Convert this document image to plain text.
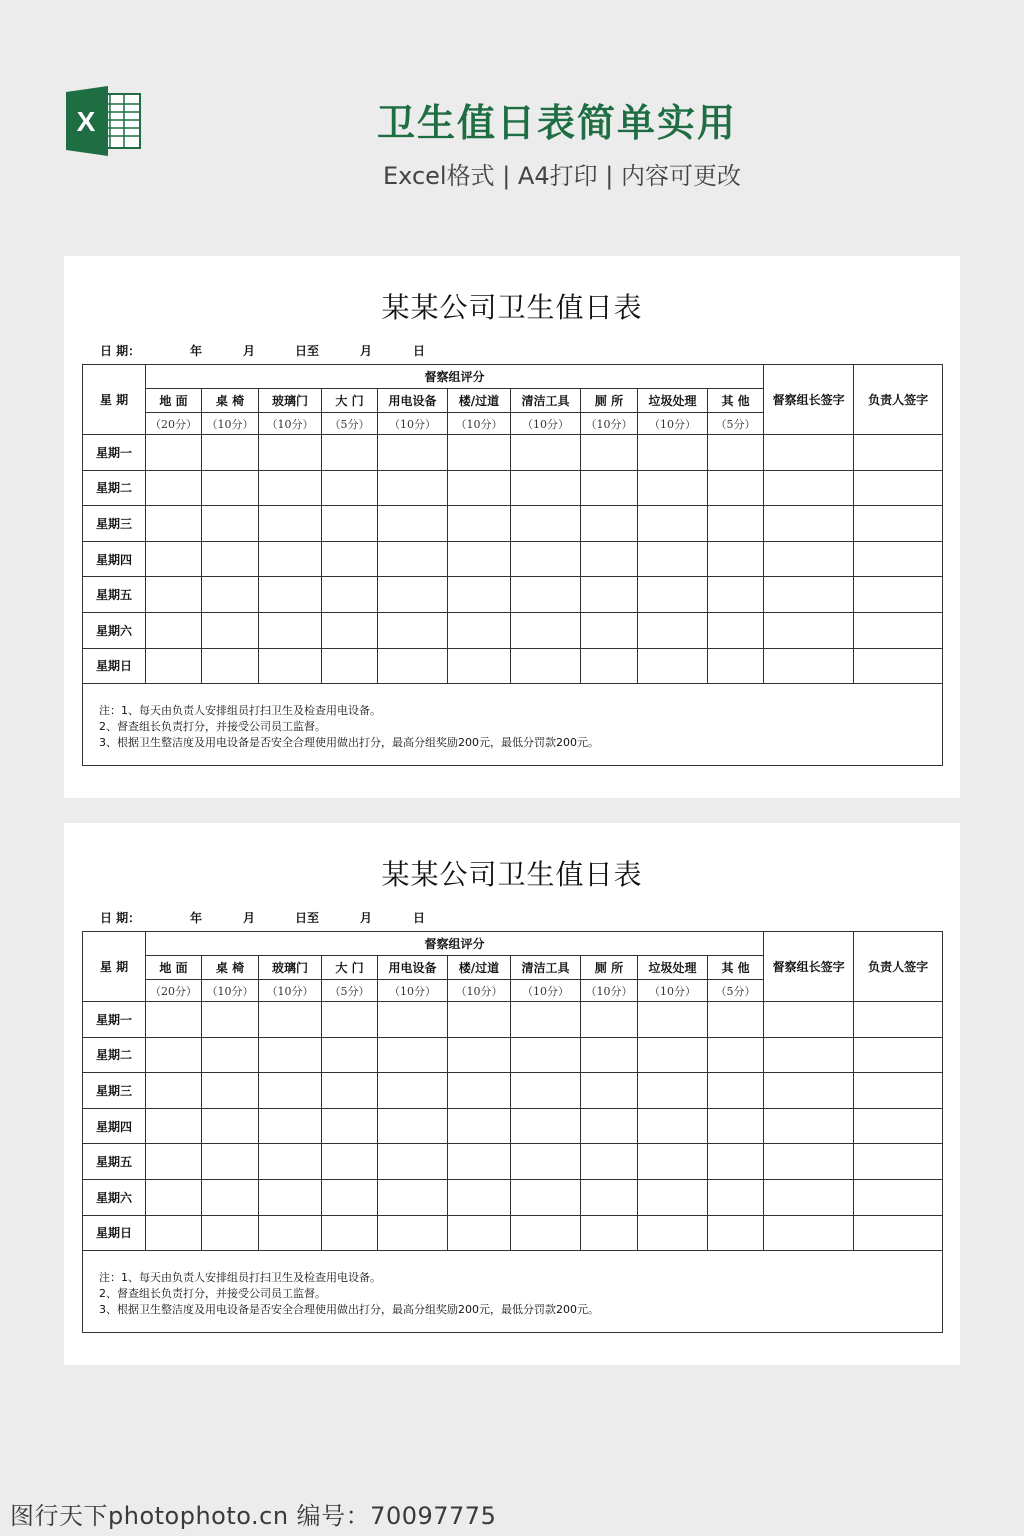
X	卫生值日表简单实用
Excel格式 | A4打印 | 内容可更改
某某公司卫生值日表
日 期：	年	月	日至	月	日
星 期	督察组评分										督察组长签字	负责人签字
	地 面	桌 椅	玻璃门	大 门	用电设备	楼/过道	清洁工具	厕 所	垃圾处理	其 他		
	（20分）	（10分）	（10分）	（5分）	（10分）	（10分）	（10分）	（10分）	（10分）	（5分）		
星期一												
星期二												
星期三												
星期四												
星期五												
星期六												
星期日												

注：1、每天由负责人安排组员打扫卫生及检查用电设备。
2、督查组长负责打分，并接受公司员工监督。
3、根据卫生整洁度及用电设备是否安全合理使用做出打分，最高分组奖励200元，最低分罚款200元。												
某某公司卫生值日表
日 期：	年	月	日至	月	日
星 期	督察组评分										督察组长签字	负责人签字
	地 面	桌 椅	玻璃门	大 门	用电设备	楼/过道	清洁工具	厕 所	垃圾处理	其 他		
	（20分）	（10分）	（10分）	（5分）	（10分）	（10分）	（10分）	（10分）	（10分）	（5分）		
星期一												
星期二												
星期三												
星期四												
星期五												
星期六												
星期日												

注：1、每天由负责人安排组员打扫卫生及检查用电设备。
2、督查组长负责打分，并接受公司员工监督。
3、根据卫生整洁度及用电设备是否安全合理使用做出打分，最高分组奖励200元，最低分罚款200元。												
图行天下photophoto.cn 编号：70097775
